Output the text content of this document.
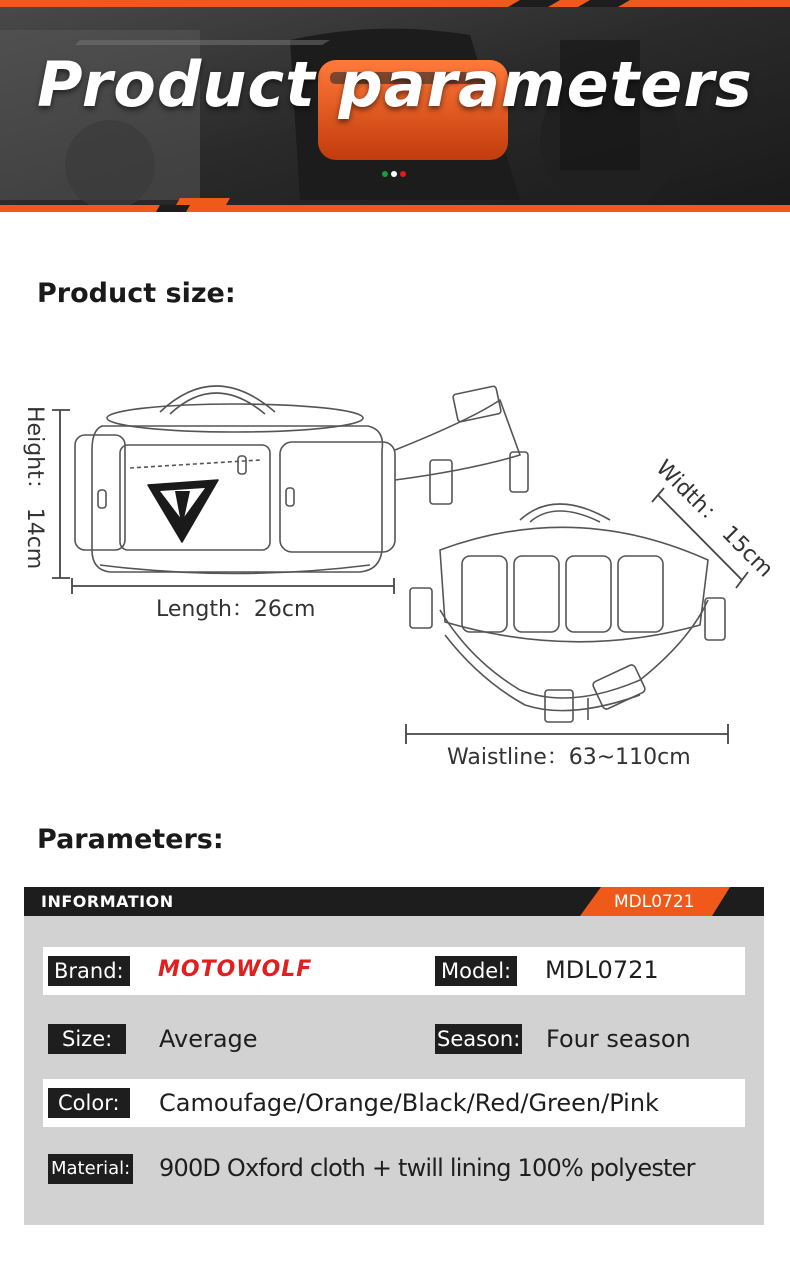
Product parameters
Product size:
Height： 14cm
Length：26cm
Width： 15cm
Waistline：63~110cm
Parameters:
INFORMATION	MDL0721
Brand: MOTOWOLF	Model: MDL0721
Size:	Average	Season: Four season
Color:	Camoufage/Orange/Black/Red/Green/Pink
Material: 900D Oxford cloth + twill lining 100% polyester
